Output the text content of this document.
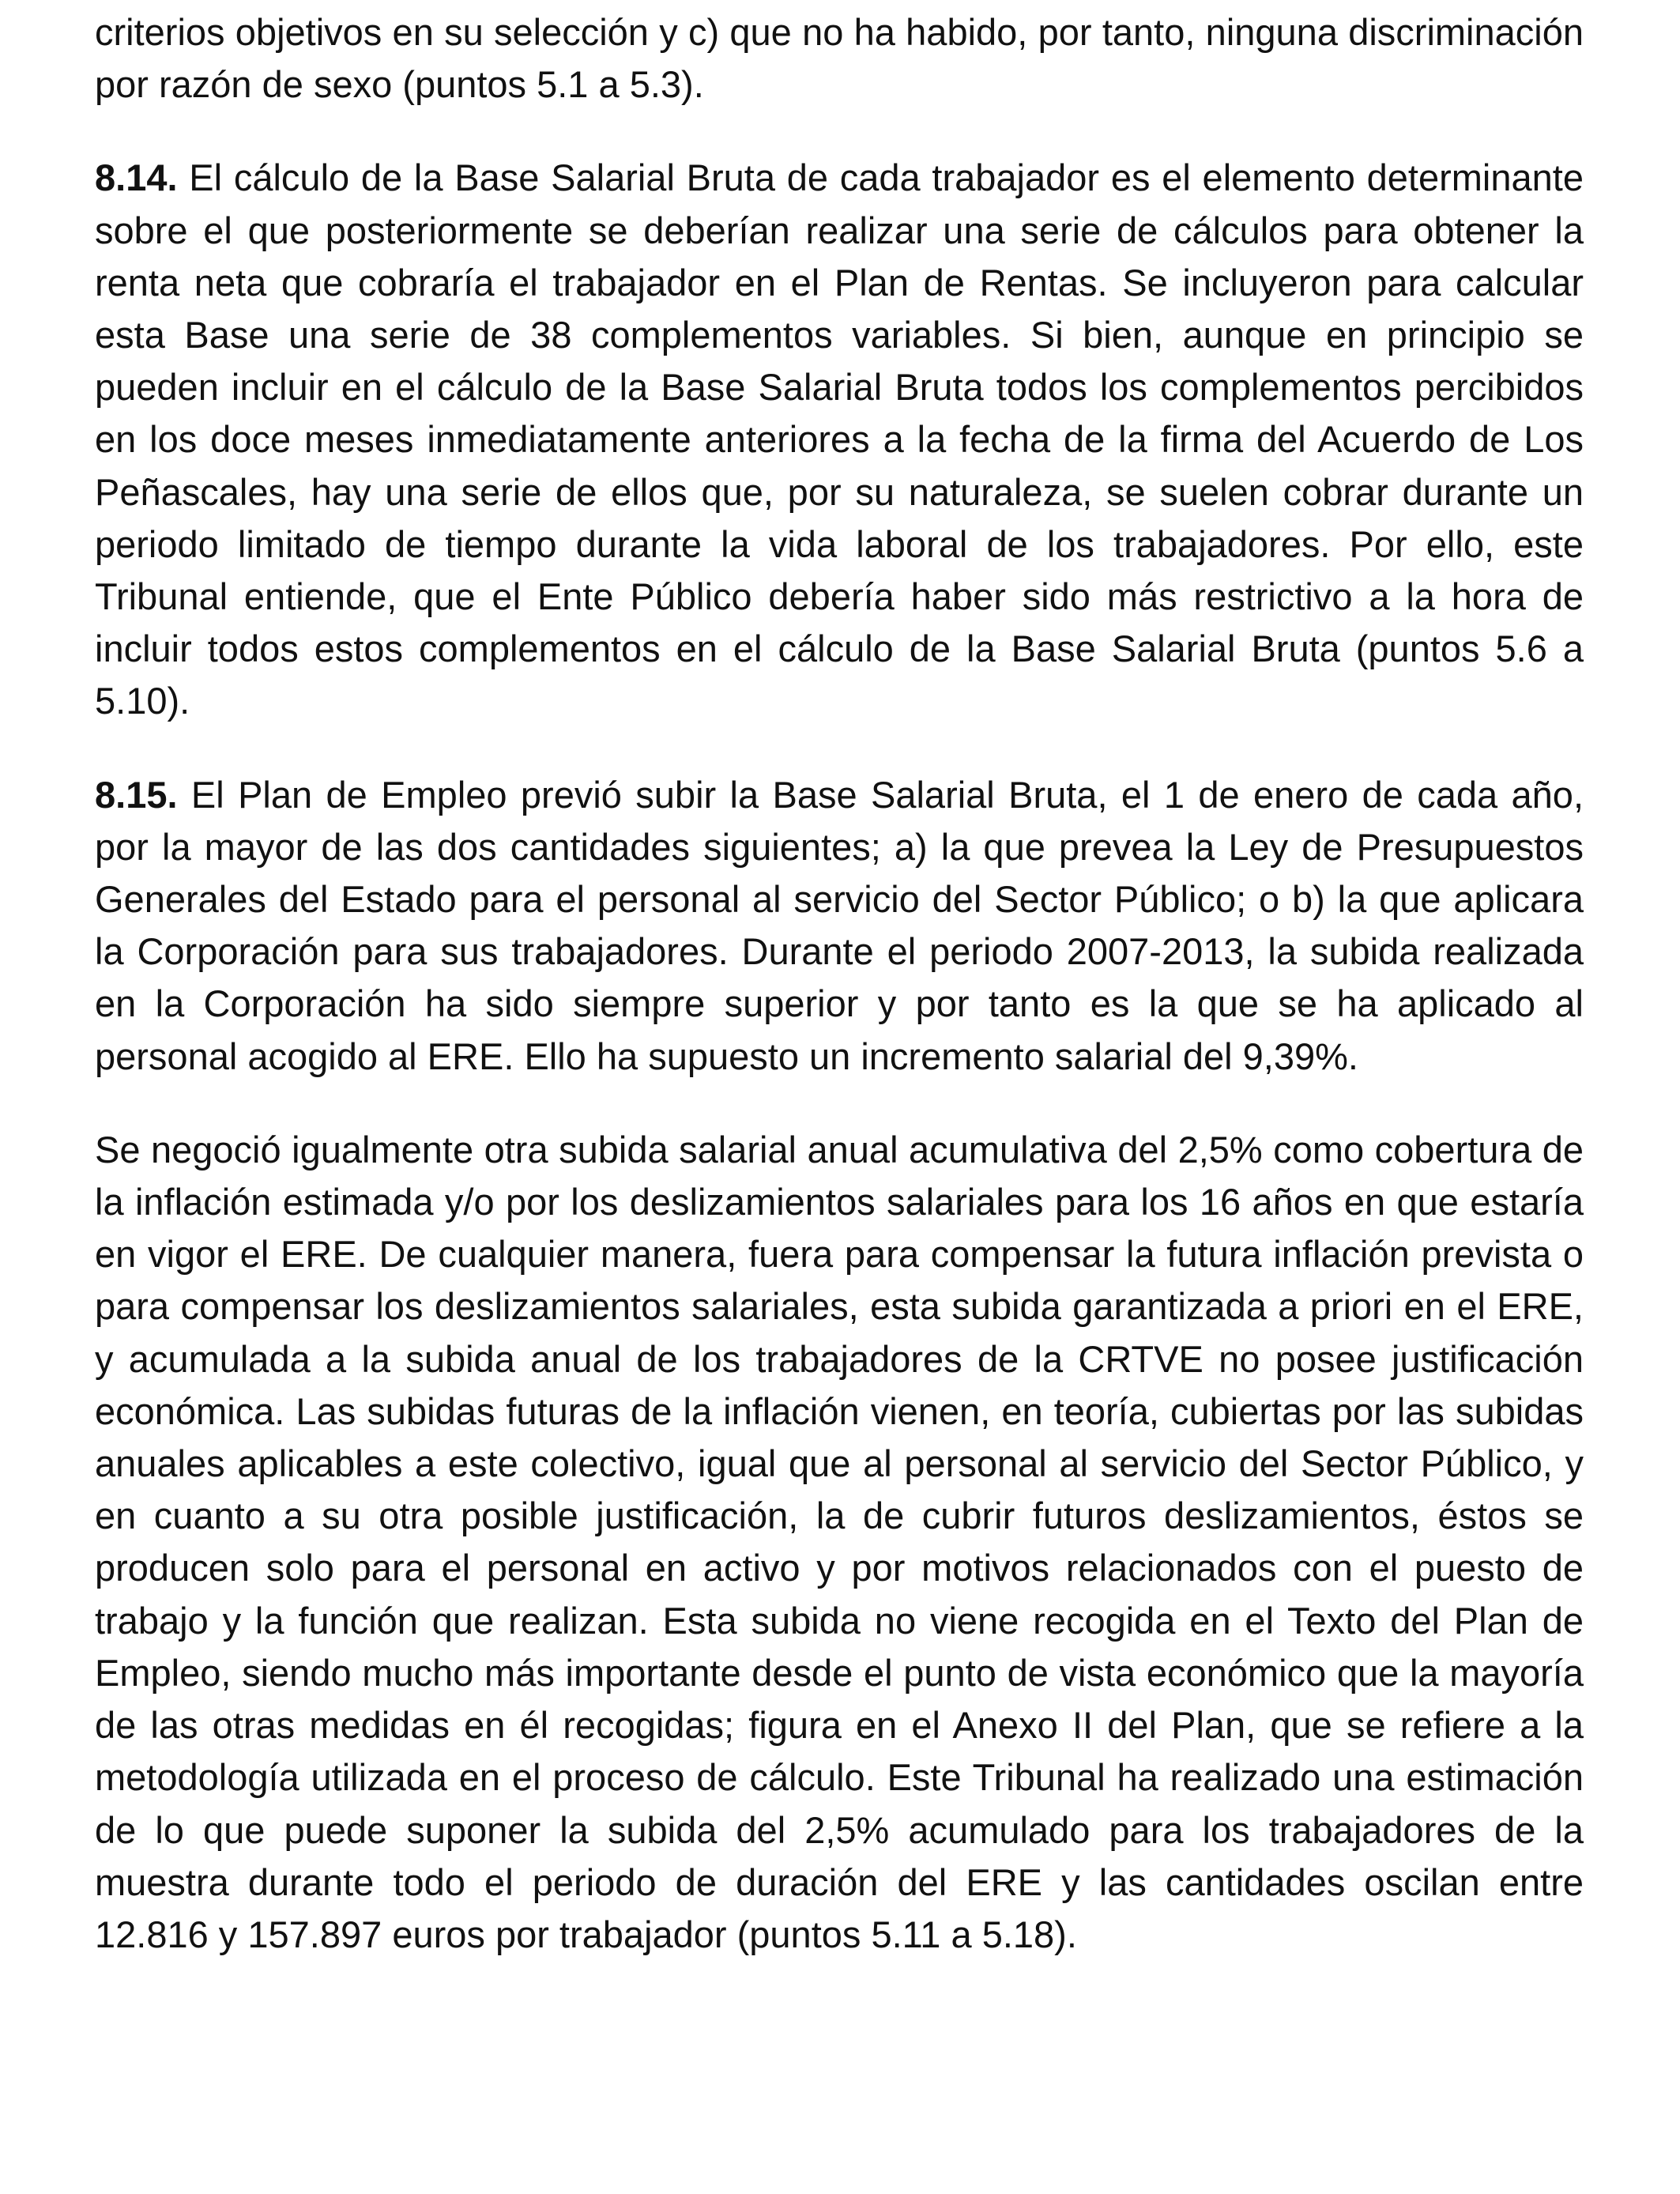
criterios objetivos en su selección y c) que no ha habido, por tanto, ninguna discriminación por razón de sexo (puntos 5.1 a 5.3).

8.14. El cálculo de la Base Salarial Bruta de cada trabajador es el elemento determinante sobre el que posteriormente se deberían realizar una serie de cálculos para obtener la renta neta que cobraría el trabajador en el Plan de Rentas. Se incluyeron para calcular esta Base una serie de 38 complementos variables. Si bien, aunque en principio se pueden incluir en el cálculo de la Base Salarial Bruta todos los complementos percibidos en los doce meses inmediatamente anteriores a la fecha de la firma del Acuerdo de Los Peñascales, hay una serie de ellos que, por su naturaleza, se suelen cobrar durante un periodo limitado de tiempo durante la vida laboral de los trabajadores. Por ello, este Tribunal entiende, que el Ente Público debería haber sido más restrictivo a la hora de incluir todos estos complementos en el cálculo de la Base Salarial Bruta (puntos 5.6 a 5.10).

8.15. El Plan de Empleo previó subir la Base Salarial Bruta, el 1 de enero de cada año, por la mayor de las dos cantidades siguientes; a) la que prevea la Ley de Presupuestos Generales del Estado para el personal al servicio del Sector Público; o b) la que aplicara la Corporación para sus trabajadores. Durante el periodo 2007-2013, la subida realizada en la Corporación ha sido siempre superior y por tanto es la que se ha aplicado al personal acogido al ERE. Ello ha supuesto un incremento salarial del 9,39%.

Se negoció igualmente otra subida salarial anual acumulativa del 2,5% como cobertura de la inflación estimada y/o por los deslizamientos salariales para los 16 años en que estaría en vigor el ERE. De cualquier manera, fuera para compensar la futura inflación prevista o para compensar los deslizamientos salariales, esta subida garantizada a priori en el ERE, y acumulada a la subida anual de los trabajadores de la CRTVE no posee justificación económica. Las subidas futuras de la inflación vienen, en teoría, cubiertas por las subidas anuales aplicables a este colectivo, igual que al personal al servicio del Sector Público, y en cuanto a su otra posible justificación, la de cubrir futuros deslizamientos, éstos se producen solo para el personal en activo y por motivos relacionados con el puesto de trabajo y la función que realizan. Esta subida no viene recogida en el Texto del Plan de Empleo, siendo mucho más importante desde el punto de vista económico que la mayoría de las otras medidas en él recogidas; figura en el Anexo II del Plan, que se refiere a la metodología utilizada en el proceso de cálculo. Este Tribunal ha realizado una estimación de lo que puede suponer la subida del 2,5% acumulado para los trabajadores de la muestra durante todo el periodo de duración del ERE y las cantidades oscilan entre 12.816 y 157.897 euros por trabajador (puntos 5.11 a 5.18).
